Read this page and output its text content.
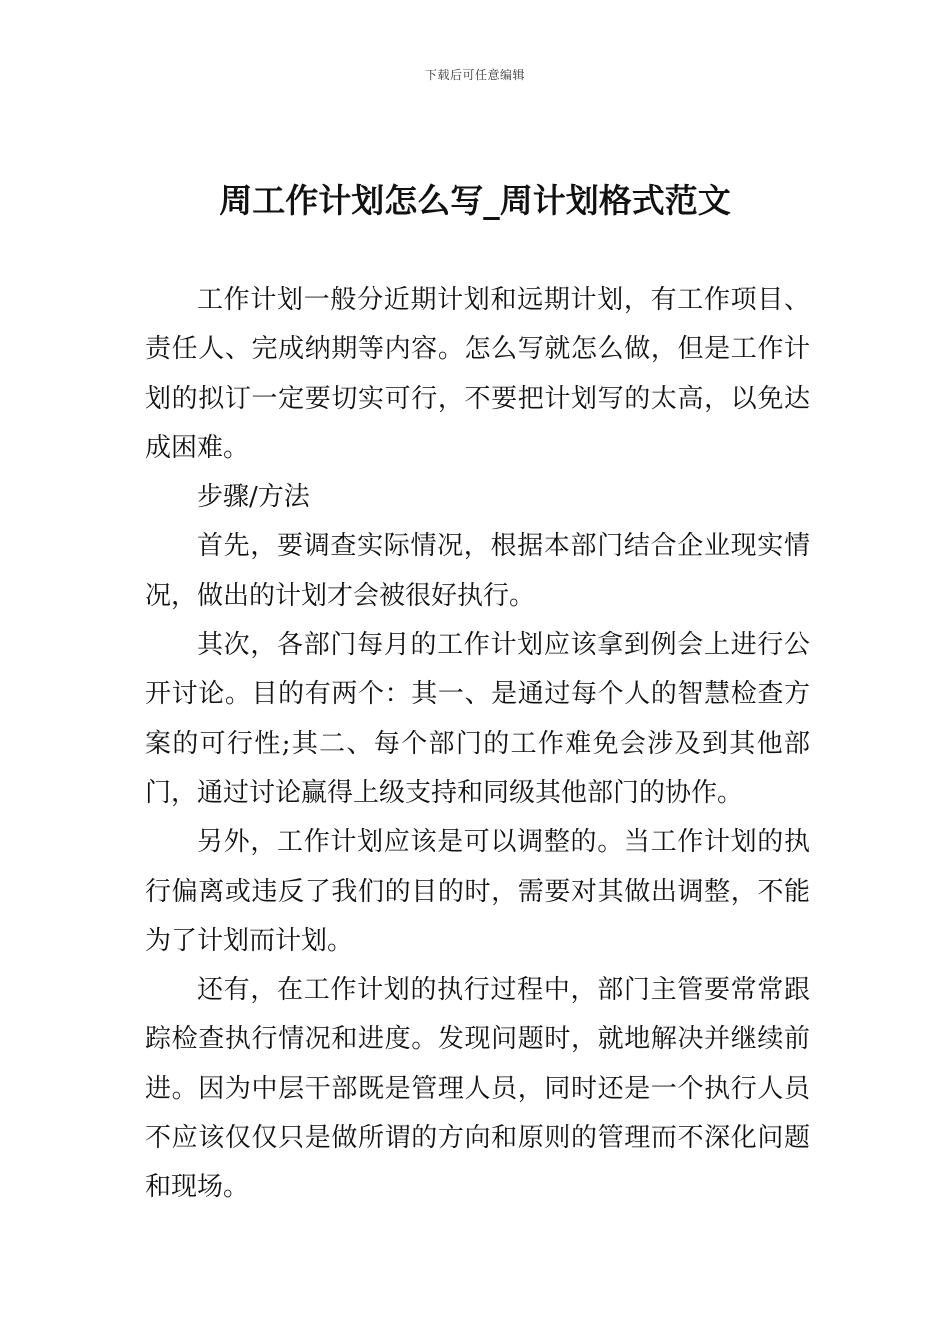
下载后可任意编辑
周工作计划怎么写_周计划格式范文

工作计划一般分近期计划和远期计划，有工作项目、责任人、完成纳期等内容。怎么写就怎么做，但是工作计划的拟订一定要切实可行，不要把计划写的太高，以免达成困难。

步骤/方法

首先，要调查实际情况，根据本部门结合企业现实情况，做出的计划才会被很好执行。

其次，各部门每月的工作计划应该拿到例会上进行公开讨论。目的有两个：其一、是通过每个人的智慧检查方案的可行性;其二、每个部门的工作难免会涉及到其他部门，通过讨论赢得上级支持和同级其他部门的协作。

另外，工作计划应该是可以调整的。当工作计划的执行偏离或违反了我们的目的时，需要对其做出调整，不能为了计划而计划。

还有，在工作计划的执行过程中，部门主管要常常跟踪检查执行情况和进度。发现问题时，就地解决并继续前进。因为中层干部既是管理人员，同时还是一个执行人员不应该仅仅只是做所谓的方向和原则的管理而不深化问题和现场。
